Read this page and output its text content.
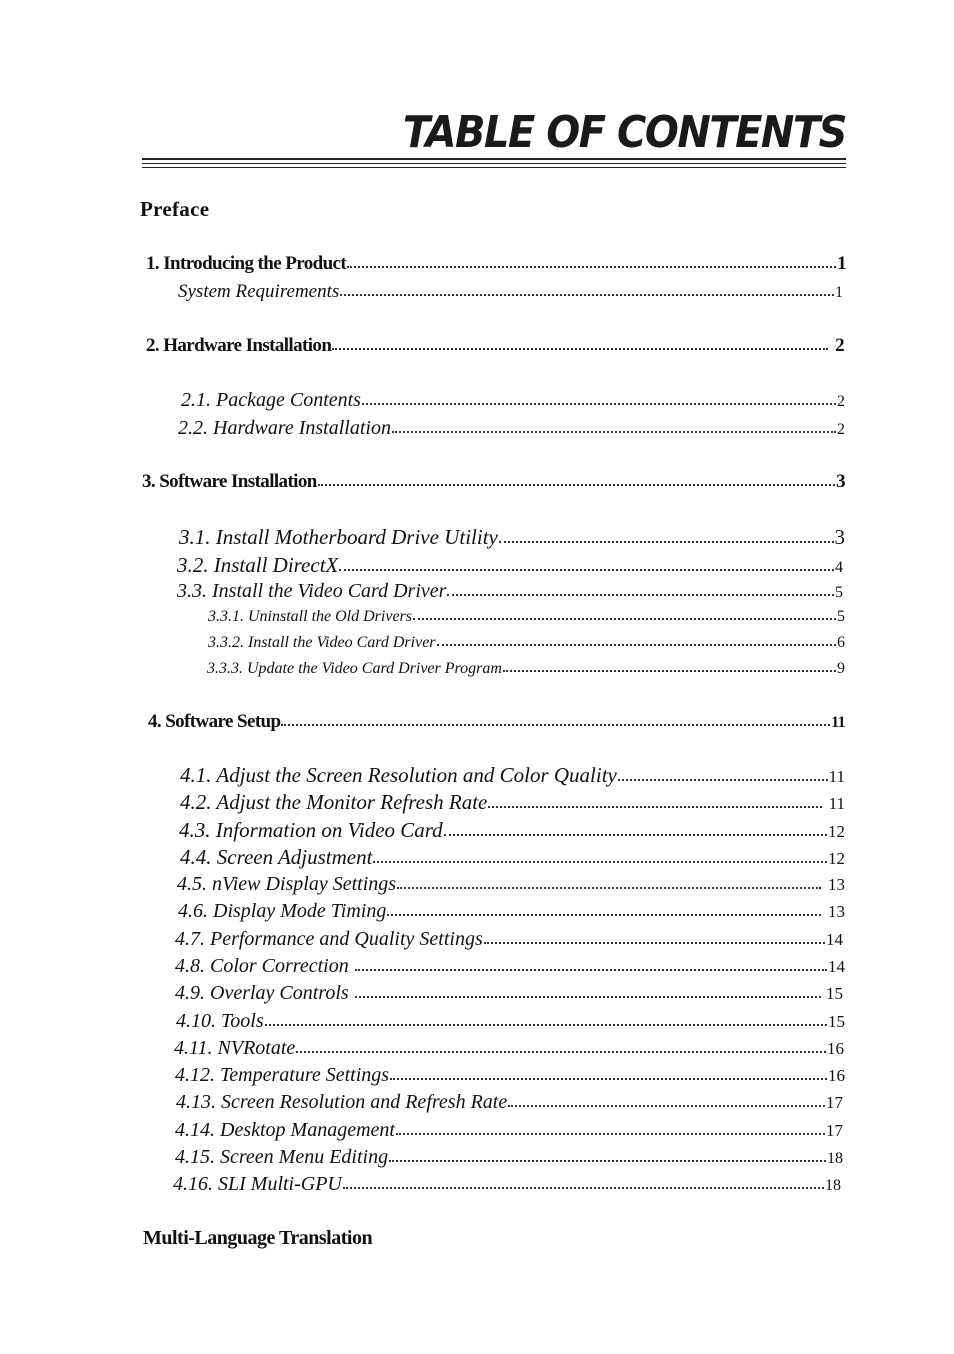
TABLE OF CONTENTS
Preface
1. Introducing the Product	1
System Requirements	1
2. Hardware Installation	2
2.1. Package Contents	2
2.2. Hardware Installation	2
3. Software Installation	3
3.1. Install Motherboard Drive Utility	3
3.2. Install DirectX	4
3.3. Install the Video Card Driver	5
3.3.1. Uninstall the Old Drivers	5
3.3.2. Install the Video Card Driver	6
3.3.3. Update the Video Card Driver Program	9
4. Software Setup	11
4.1. Adjust the Screen Resolution and Color Quality	11
4.2. Adjust the Monitor Refresh Rate	11
4.3. Information on Video Card	12
4.4. Screen Adjustment	12
4.5. nView Display Settings	13
4.6. Display Mode Timing	13
4.7. Performance and Quality Settings	14
4.8. Color Correction	14
4.9. Overlay Controls	15
4.10. Tools	15
4.11. NVRotate	16
4.12. Temperature Settings	16
4.13. Screen Resolution and Refresh Rate	17
4.14. Desktop Management	17
4.15. Screen Menu Editing	18
4.16. SLI Multi-GPU	18
Multi-Language Translation
